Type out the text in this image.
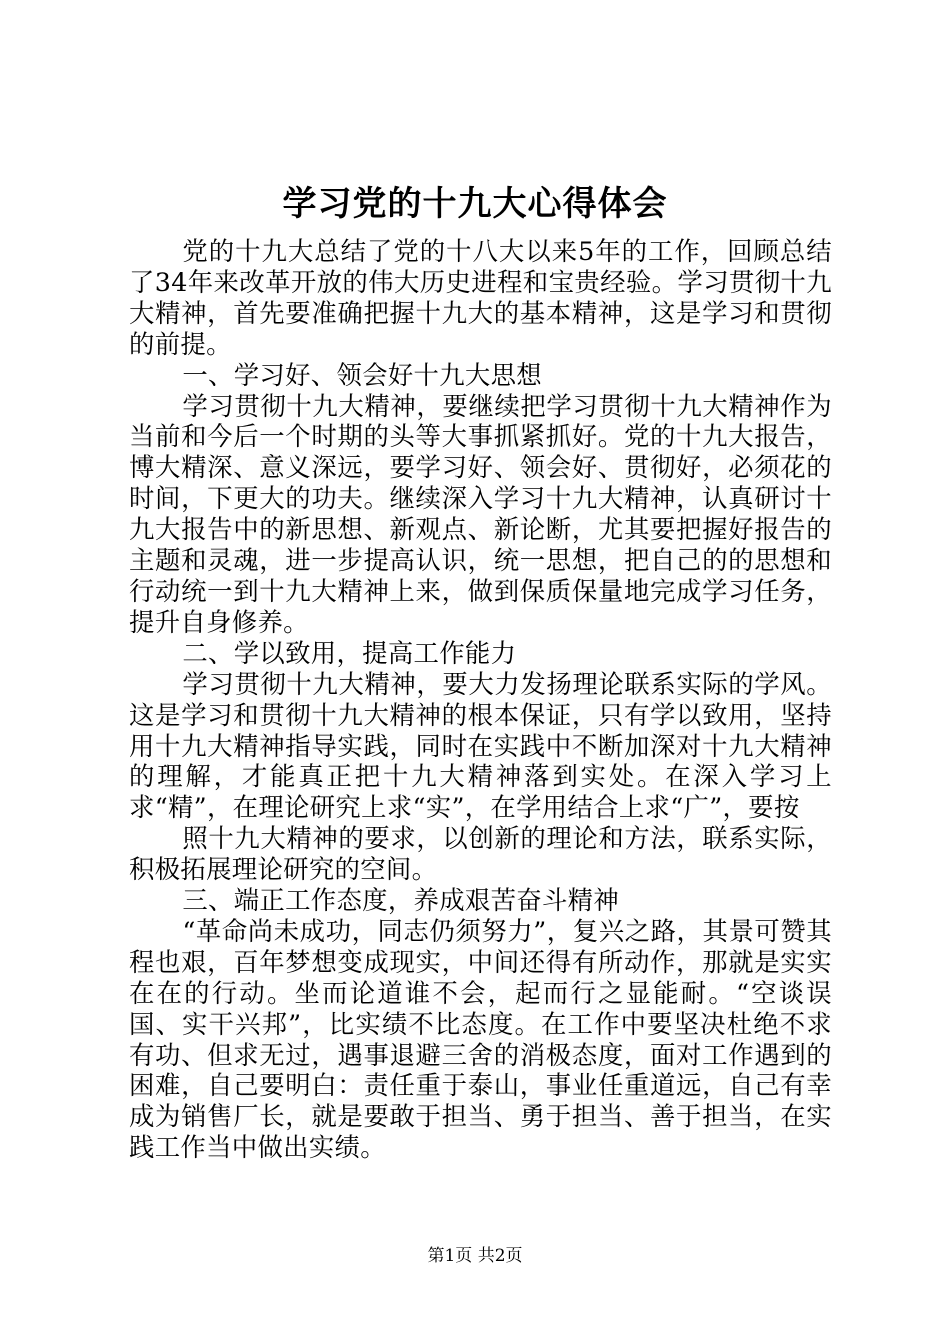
学习党的十九大心得体会

党的十九大总结了党的十八大以来5年的工作，回顾总结了34年来改革开放的伟大历史进程和宝贵经验。学习贯彻十九大精神，首先要准确把握十九大的基本精神，这是学习和贯彻的前提。

一、学习好、领会好十九大思想

学习贯彻十九大精神，要继续把学习贯彻十九大精神作为当前和今后一个时期的头等大事抓紧抓好。党的十九大报告，博大精深、意义深远，要学习好、领会好、贯彻好，必须花的时间，下更大的功夫。继续深入学习十九大精神，认真研讨十九大报告中的新思想、新观点、新论断，尤其要把握好报告的主题和灵魂，进一步提高认识，统一思想，把自己的的思想和行动统一到十九大精神上来，做到保质保量地完成学习任务，提升自身修养。

二、学以致用，提高工作能力

学习贯彻十九大精神，要大力发扬理论联系实际的学风。这是学习和贯彻十九大精神的根本保证，只有学以致用，坚持用十九大精神指导实践，同时在实践中不断加深对十九大精神的理解，才能真正把十九大精神落到实处。在深入学习上求“精”，在理论研究上求“实”，在学用结合上求“广”，要按

照十九大精神的要求，以创新的理论和方法，联系实际，积极拓展理论研究的空间。

三、端正工作态度，养成艰苦奋斗精神

“革命尚未成功，同志仍须努力”，复兴之路，其景可赞其程也艰，百年梦想变成现实，中间还得有所动作，那就是实实在在的行动。坐而论道谁不会，起而行之显能耐。“空谈误国、实干兴邦”，比实绩不比态度。在工作中要坚决杜绝不求有功、但求无过，遇事退避三舍的消极态度，面对工作遇到的困难，自己要明白：责任重于泰山，事业任重道远，自己有幸成为销售厂长，就是要敢于担当、勇于担当、善于担当，在实践工作当中做出实绩。

第1页 共2页
